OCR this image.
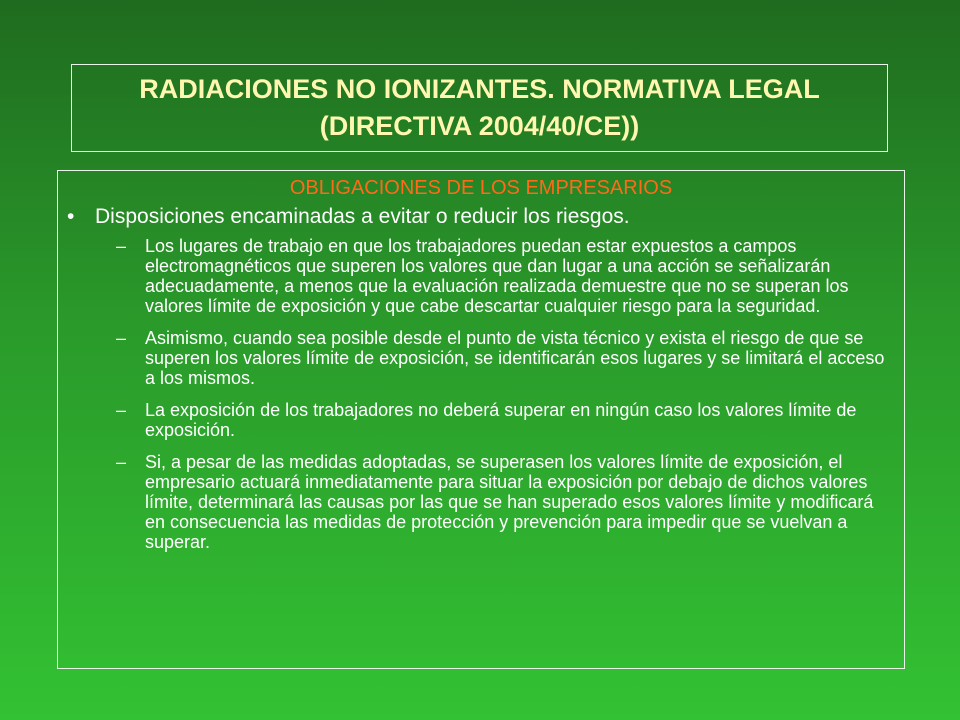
RADIACIONES NO IONIZANTES. NORMATIVA LEGAL (DIRECTIVA 2004/40/CE))
OBLIGACIONES DE LOS EMPRESARIOS
• Disposiciones encaminadas a evitar o reducir los riesgos.
–	Los lugares de trabajo en que los trabajadores puedan estar expuestos a campos electromagnéticos que superen los valores que dan lugar a una acción se señalizarán adecuadamente, a menos que la evaluación realizada demuestre que no se superan los valores límite de exposición y que cabe descartar cualquier riesgo para la seguridad.
–	Asimismo, cuando sea posible desde el punto de vista técnico y exista el riesgo de que se superen los valores límite de exposición, se identificarán esos lugares y se limitará el acceso a los mismos.
–	La exposición de los trabajadores no deberá superar en ningún caso los valores límite de exposición.
–	Si, a pesar de las medidas adoptadas, se superasen los valores límite de exposición, el empresario actuará inmediatamente para situar la exposición por debajo de dichos valores límite, determinará las causas por las que se han superado esos valores límite y modificará en consecuencia las medidas de protección y prevención para impedir que se vuelvan a superar.
